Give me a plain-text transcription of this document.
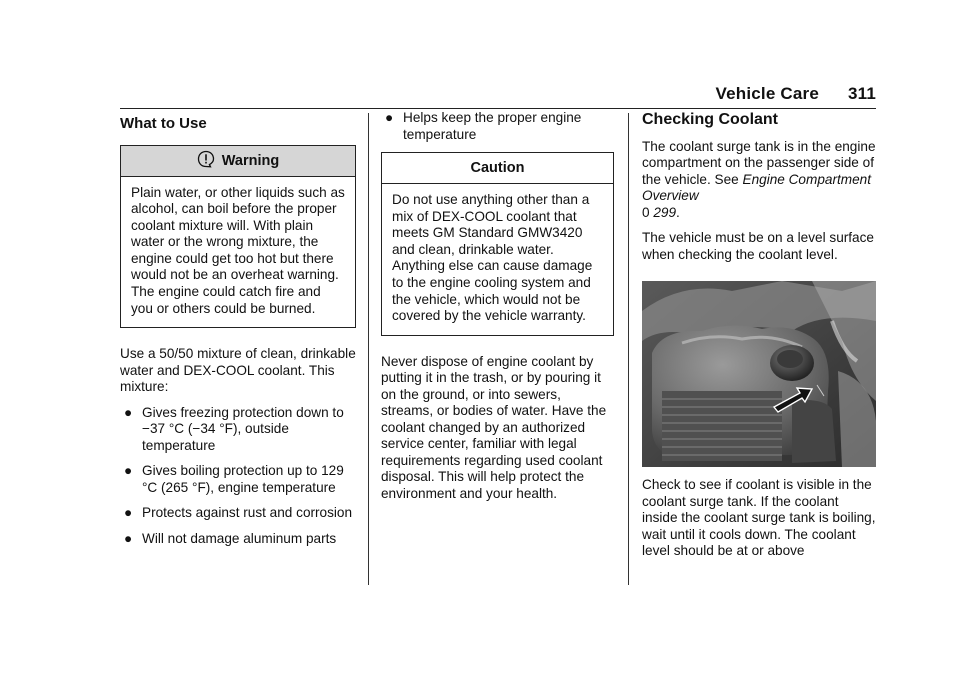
Vehicle Care 311
What to Use
Warning
Plain water, or other liquids such as alcohol, can boil before the proper coolant mixture will. With plain water or the wrong mixture, the engine could get too hot but there would not be an overheat warning. The engine could catch fire and you or others could be burned.

Use a 50/50 mixture of clean, drinkable water and DEX-COOL coolant. This mixture:

● Gives freezing protection down to −37 °C (−34 °F), outside temperature
● Gives boiling protection up to 129 °C (265 °F), engine temperature
● Protects against rust and corrosion
● Will not damage aluminum parts
● Helps keep the proper engine temperature
Caution
Do not use anything other than a mix of DEX-COOL coolant that meets GM Standard GMW3420 and clean, drinkable water. Anything else can cause damage to the engine cooling system and the vehicle, which would not be covered by the vehicle warranty.

Never dispose of engine coolant by putting it in the trash, or by pouring it on the ground, or into sewers, streams, or bodies of water. Have the coolant changed by an authorized service center, familiar with legal requirements regarding used coolant disposal. This will help protect the environment and your health.

Checking Coolant

The coolant surge tank is in the engine compartment on the passenger side of the vehicle. See Engine Compartment Overview
0 299.

The vehicle must be on a level surface when checking the coolant level.

Check to see if coolant is visible in the coolant surge tank. If the coolant inside the coolant surge tank is boiling, wait until it cools down. The coolant level should be at or above
